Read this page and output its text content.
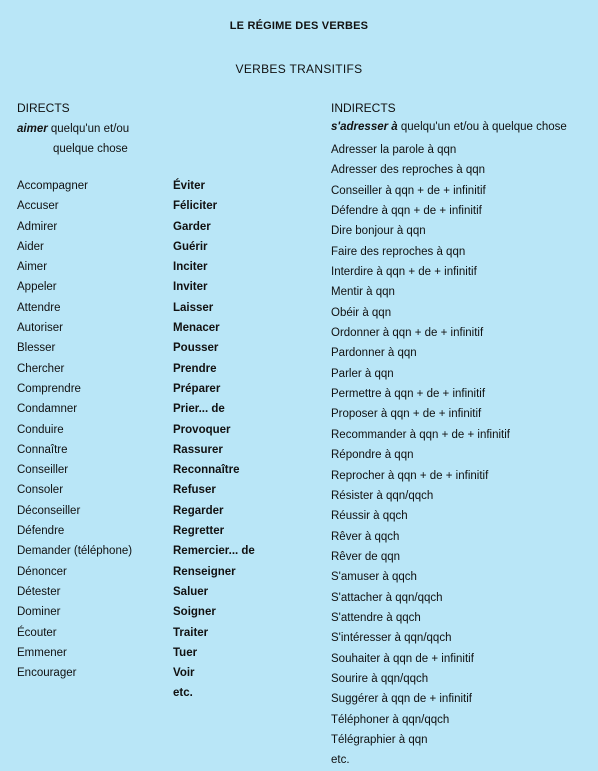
LE RÉGIME DES VERBES
VERBES TRANSITIFS
DIRECTS
aimer quelqu'un et/ou
quelque chose
Accompagner
Accuser
Admirer
Aider
Aimer
Appeler
Attendre
Autoriser
Blesser
Chercher
Comprendre
Condamner
Conduire
Connaître
Conseiller
Consoler
Déconseiller
Défendre
Demander (téléphone)
Dénoncer
Détester
Dominer
Écouter
Emmener
Encourager
Éviter
Féliciter
Garder
Guérir
Inciter
Inviter
Laisser
Menacer
Pousser
Prendre
Préparer
Prier... de
Provoquer
Rassurer
Reconnaître
Refuser
Regarder
Regretter
Remercier... de
Renseigner
Saluer
Soigner
Traiter
Tuer
Voir
etc.
INDIRECTS
s'adresser à quelqu'un et/ou à quelque chose
Adresser la parole à qqn
Adresser des reproches à qqn
Conseiller à qqn + de + infinitif
Défendre à qqn + de + infinitif
Dire bonjour à qqn
Faire des reproches à qqn
Interdire à qqn + de + infinitif
Mentir à qqn
Obéir à qqn
Ordonner à qqn + de + infinitif
Pardonner à qqn
Parler à qqn
Permettre à qqn + de + infinitif
Proposer à qqn + de + infinitif
Recommander à qqn + de + infinitif
Répondre à qqn
Reprocher à qqn + de + infinitif
Résister à qqn/qqch
Réussir à qqch
Rêver à qqch
Rêver de qqn
S'amuser à qqch
S'attacher à qqn/qqch
S'attendre à qqch
S'intéresser à qqn/qqch
Souhaiter à qqn de + infinitif
Sourire à qqn/qqch
Suggérer à qqn de + infinitif
Téléphoner à qqn/qqch
Télégraphier à qqn
etc.
